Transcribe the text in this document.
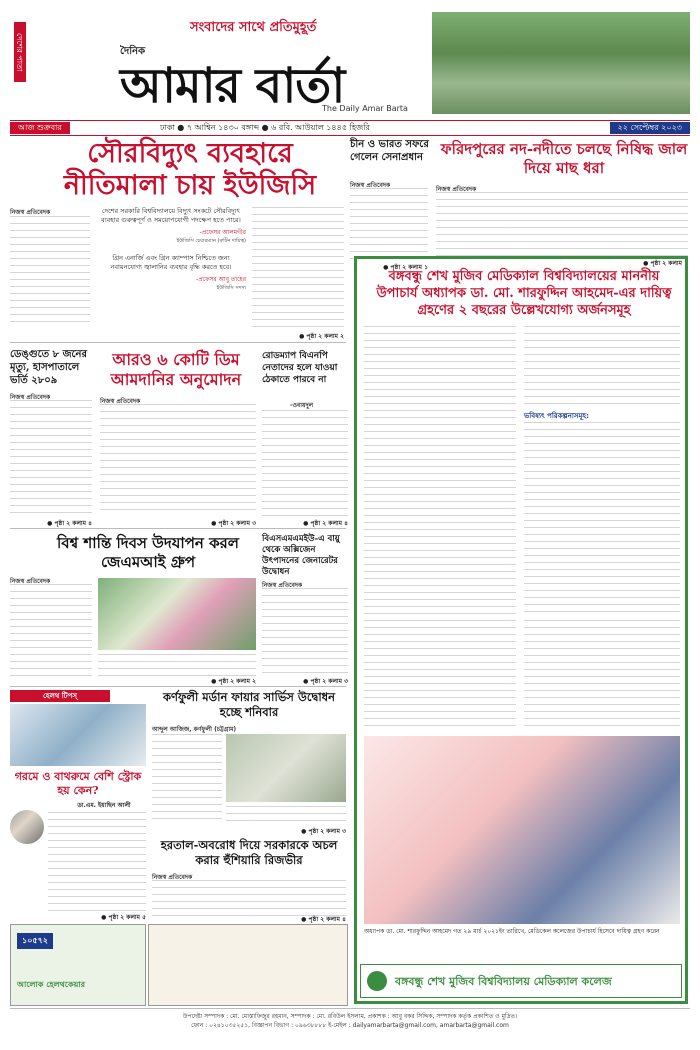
দেশের পাতা
সংবাদের সাথে প্রতিমুহূর্ত
দৈনিক
আমার বার্তা
The Daily Amar Barta
আজ শুক্রবার	ঢাকা ● ৭ আশ্বিন ১৪৩০ বঙ্গাব্দ ● ৬ রবি. আউয়াল ১৪৪৫ হিজরি	২২ সেপ্টেম্বর ২০২৩
সৌরবিদ্যুৎ ব্যবহারে
নীতিমালা চায় ইউজিসি
নিজস্ব প্রতিবেদক	দেশের সরকারি বিশ্ববিদ্যালয়ে বিদ্যুৎ সংকটে সৌরবিদ্যুৎ ব্যবহার গুরুত্বপূর্ণ ও সময়োপযোগী পদক্ষেপ হতে পারে।
-প্রফেসর আলমগীর
ইউজিসি চেয়ারম্যান (রুটিন দায়িত্ব)
গ্রিন এনার্জি এবং গ্রিন ক্যাম্পাস নিশ্চিতে জন্য নবায়নযোগ্য জ্বালানির ব্যবহার বৃদ্ধি করতে হবে।
-প্রফেসর আবু তাহের
ইউজিসি সদস্য
● পৃষ্ঠা ২ কলাম ২
চীন ও ভারত সফরে গেলেন সেনাপ্রধান
নিজস্ব প্রতিবেদক
● পৃষ্ঠা ২ কলাম ১
ফরিদপুরের নদ-নদীতে চলছে নিষিদ্ধ জাল দিয়ে মাছ ধরা
নিজস্ব প্রতিবেদক
● পৃষ্ঠা ২ কলাম ১
ডেঙ্গুতে ৮ জনের মৃত্যু, হাসপাতালে ভর্তি ২৮০৯
নিজস্ব প্রতিবেদক
● পৃষ্ঠা ২ কলাম ৪
আরও ৬ কোটি ডিম আমদানির অনুমোদন
নিজস্ব প্রতিবেদক
● পৃষ্ঠা ২ কলাম ৩
রোডম্যাপ বিএনপি নেতাদের হলে যাওয়া ঠেকাতে পারবে না
-ওবায়দুল
● পৃষ্ঠা ২ কলাম ৪
বিশ্ব শান্তি দিবস উদযাপন করল জেএমআই গ্রুপ
নিজস্ব প্রতিবেদক
● পৃষ্ঠা ২ কলাম ২
বিএসএমএমইউ-এ বায়ু থেকে অক্সিজেন উৎপাদনের জেনারেটর উদ্বোধন
নিজস্ব প্রতিবেদক
● পৃষ্ঠা ২ কলাম ৩
হেলথ টিপস্
গরমে ও বাথরুমে বেশি স্ট্রোক হয় কেন?
ডা.এম. ইয়াছিন আলী
● পৃষ্ঠা ২ কলাম ৫
১০৫৭২
আলোক হেলথকেয়ার
কর্ণফুলী মর্ডান ফায়ার সার্ভিস উদ্বোধন হচ্ছে শনিবার
আব্দুল আজিজ, কর্ণফুলী (চট্টগ্রাম)
● পৃষ্ঠা ২ কলাম ৩
হরতাল-অবরোধ দিয়ে সরকারকে অচল করার হুঁশিয়ারি রিজভীর
নিজস্ব প্রতিবেদক
● পৃষ্ঠা ২ কলাম ৪
বঙ্গবন্ধু শেখ মুজিব মেডিক্যাল বিশ্ববিদ্যালয়ের মাননীয় উপাচার্য অধ্যাপক ডা. মো. শারফুদ্দিন আহমেদ-এর দায়িত্ব গ্রহণের ২ বছরের উল্লেখযোগ্য অর্জনসমূহ
ভবিষ্যৎ পরিকল্পনাসমূহ:
অধ্যাপক ডা. মো. শারফুদ্দিন আহমেদ গত ২৯ মার্চ ২০২১ইং তারিখে, মেডিকেল কলেজের উপাচার্য হিসেবে দায়িত্ব গ্রহণ করেন
বঙ্গবন্ধু শেখ মুজিব বিশ্ববিদ্যালয় মেডিক্যাল কলেজ
উপদেষ্টা সম্পাদক : মো. মোস্তাফিজুর রহমান, সম্পাদক : মো. রবিউল ইসলাম, প্রকাশক : আবু বকর সিদ্দিক, সম্পাদক কর্তৃক প্রকাশিত ও মুদ্রিত।
ফোন : ০২৪১০৩৫২৫১, বিজ্ঞাপন বিভাগ : ০৯৬৩৮৮৮৮ ই-মেইল : dailyamarbarta@gmail.com, amarbarta@gmail.com
